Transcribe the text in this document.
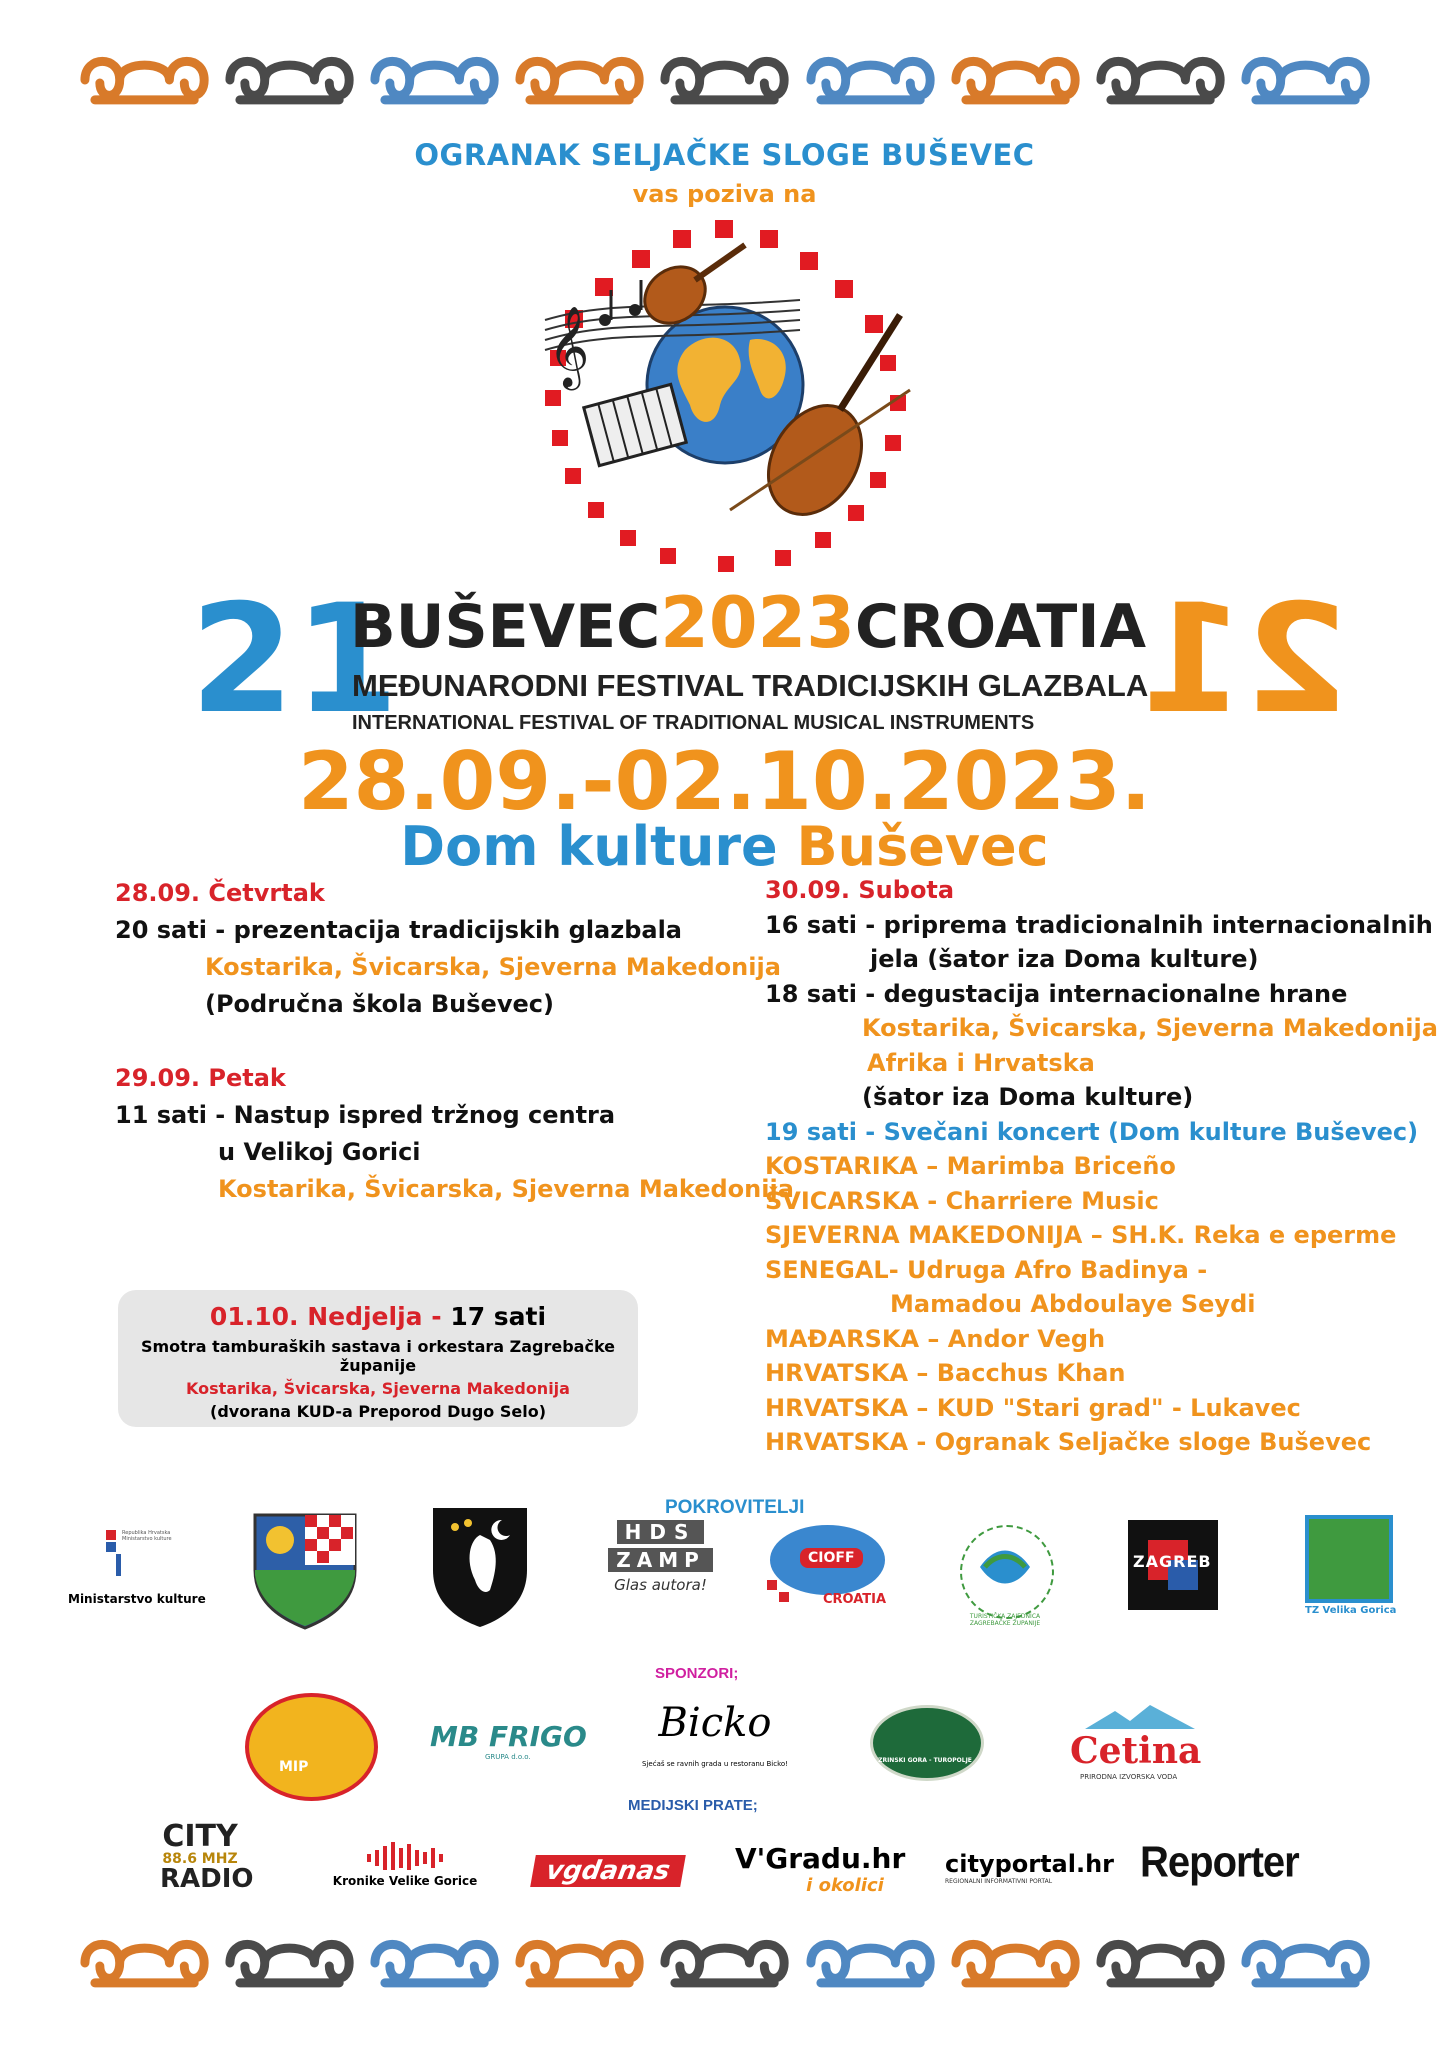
OGRANAK SELJAČKE SLOGE BUŠEVEC
vas poziva na
𝄞
21	21
BUŠEVEC2023CROATIA
MEĐUNARODNI FESTIVAL TRADICIJSKIH GLAZBALA
INTERNATIONAL FESTIVAL OF TRADITIONAL MUSICAL INSTRUMENTS
28.09.-02.10.2023.
Dom kulture Buševec
28.09. Četvrtak
20 sati - prezentacija tradicijskih glazbala
Kostarika, Švicarska, Sjeverna Makedonija
(Područna škola Buševec)
29.09. Petak
11 sati - Nastup ispred tržnog centra
u Velikoj Gorici
Kostarika, Švicarska, Sjeverna Makedonija
01.10. Nedjelja - 17 sati
Smotra tamburaških sastava i orkestara Zagrebačke županije
Kostarika, Švicarska, Sjeverna Makedonija
(dvorana KUD-a Preporod Dugo Selo)
30.09. Subota
16 sati - priprema tradicionalnih internacionalnih
jela (šator iza Doma kulture)
18 sati - degustacija internacionalne hrane
Kostarika, Švicarska, Sjeverna Makedonija
Afrika i Hrvatska
(šator iza Doma kulture)
19 sati - Svečani koncert (Dom kulture Buševec)
KOSTARIKA – Marimba Briceño
ŠVICARSKA - Charriere Music
SJEVERNA MAKEDONIJA – SH.K. Reka e eperme
SENEGAL- Udruga Afro Badinya -
Mamadou Abdoulaye Seydi
MAĐARSKA – Andor Vegh
HRVATSKA – Bacchus Khan
HRVATSKA – KUD "Stari grad" - Lukavec
HRVATSKA - Ogranak Seljačke sloge Buševec
POKROVITELJI
Republika Hrvatska Ministarstvo kulture
Ministarstvo kulture
HDS
ZAMP
Glas autora!
CIOFF
CROATIA
TURISTIČKA ZAJEDNICA ZAGREBAČKE ŽUPANIJE
ZAGREB
TZ Velika Gorica
SPONZORI;
MIP
MB FRIGO
GRUPA d.o.o.
Bicko
Sjećaš se ravnih grada u restoranu Bicko!	ZRINSKI GORA - TUROPOLJE	Cetina
PRIRODNA IZVORSKA VODA
MEDIJSKI PRATE;
CITY
88.6 MHZ
RADIO	Kronike Velike Gorice	vgdanas	V'Gradu.hr
i okolici
cityportal.hr
REGIONALNI INFORMATIVNI PORTAL	Reporter
